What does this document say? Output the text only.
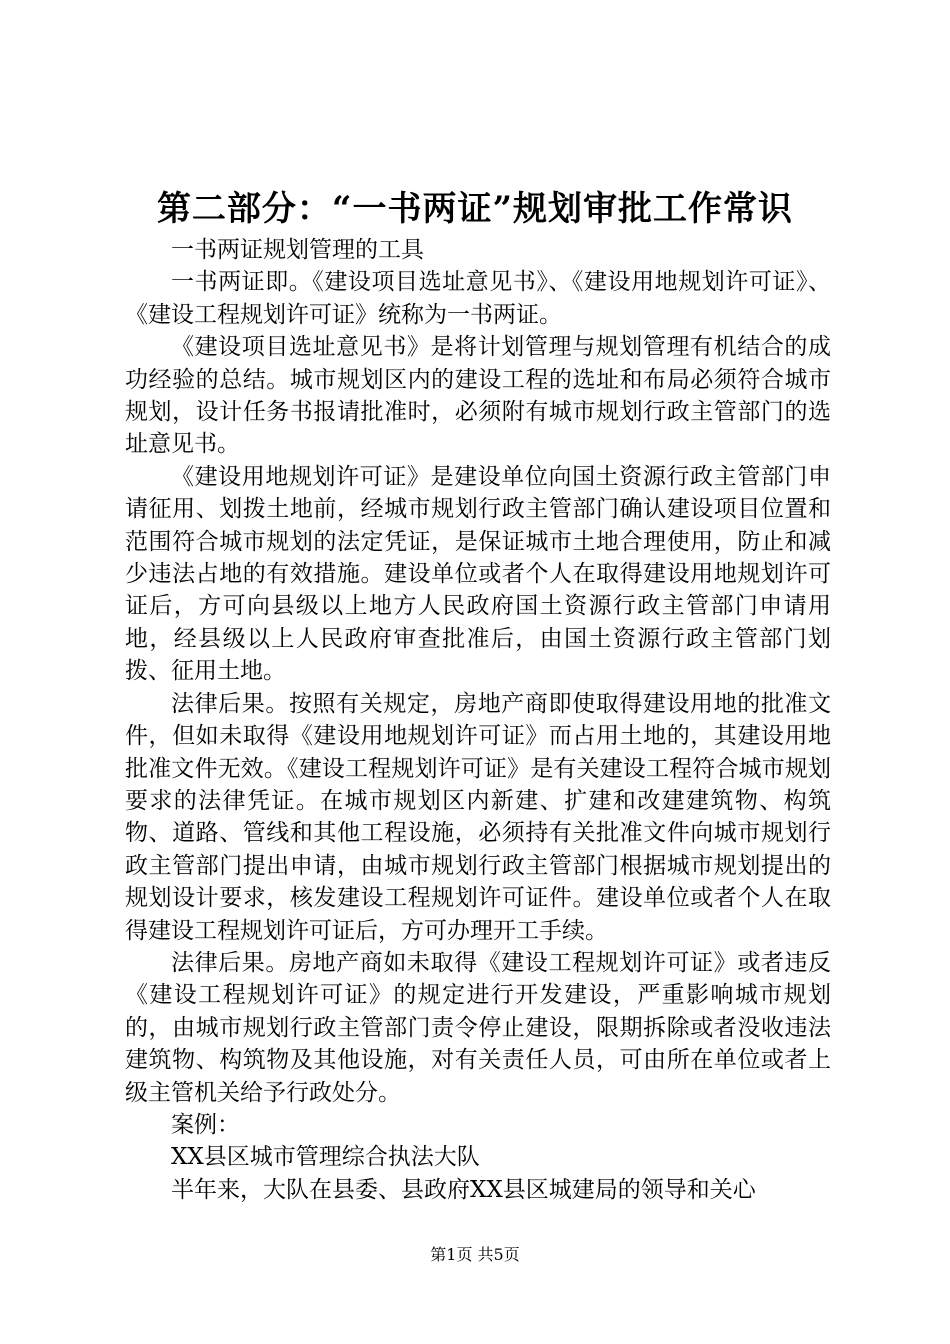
第二部分：“一书两证”规划审批工作常识

一书两证规划管理的工具

一书两证即。《建设项目选址意见书》、《建设用地规划许可证》、《建设工程规划许可证》统称为一书两证。

《建设项目选址意见书》是将计划管理与规划管理有机结合的成功经验的总结。城市规划区内的建设工程的选址和布局必须符合城市规划，设计任务书报请批准时，必须附有城市规划行政主管部门的选址意见书。

《建设用地规划许可证》是建设单位向国土资源行政主管部门申请征用、划拨土地前，经城市规划行政主管部门确认建设项目位置和范围符合城市规划的法定凭证，是保证城市土地合理使用，防止和减少违法占地的有效措施。建设单位或者个人在取得建设用地规划许可证后，方可向县级以上地方人民政府国土资源行政主管部门申请用地，经县级以上人民政府审查批准后，由国土资源行政主管部门划拨、征用土地。

法律后果。按照有关规定，房地产商即使取得建设用地的批准文件，但如未取得《建设用地规划许可证》而占用土地的，其建设用地批准文件无效。《建设工程规划许可证》是有关建设工程符合城市规划要求的法律凭证。在城市规划区内新建、扩建和改建建筑物、构筑物、道路、管线和其他工程设施，必须持有关批准文件向城市规划行政主管部门提出申请，由城市规划行政主管部门根据城市规划提出的规划设计要求，核发建设工程规划许可证件。建设单位或者个人在取得建设工程规划许可证后，方可办理开工手续。

法律后果。房地产商如未取得《建设工程规划许可证》或者违反《建设工程规划许可证》的规定进行开发建设，严重影响城市规划的，由城市规划行政主管部门责令停止建设，限期拆除或者没收违法建筑物、构筑物及其他设施，对有关责任人员，可由所在单位或者上级主管机关给予行政处分。

案例：

XX县区城市管理综合执法大队

半年来，大队在县委、县政府XX县区城建局的领导和关心

第1页 共5页
